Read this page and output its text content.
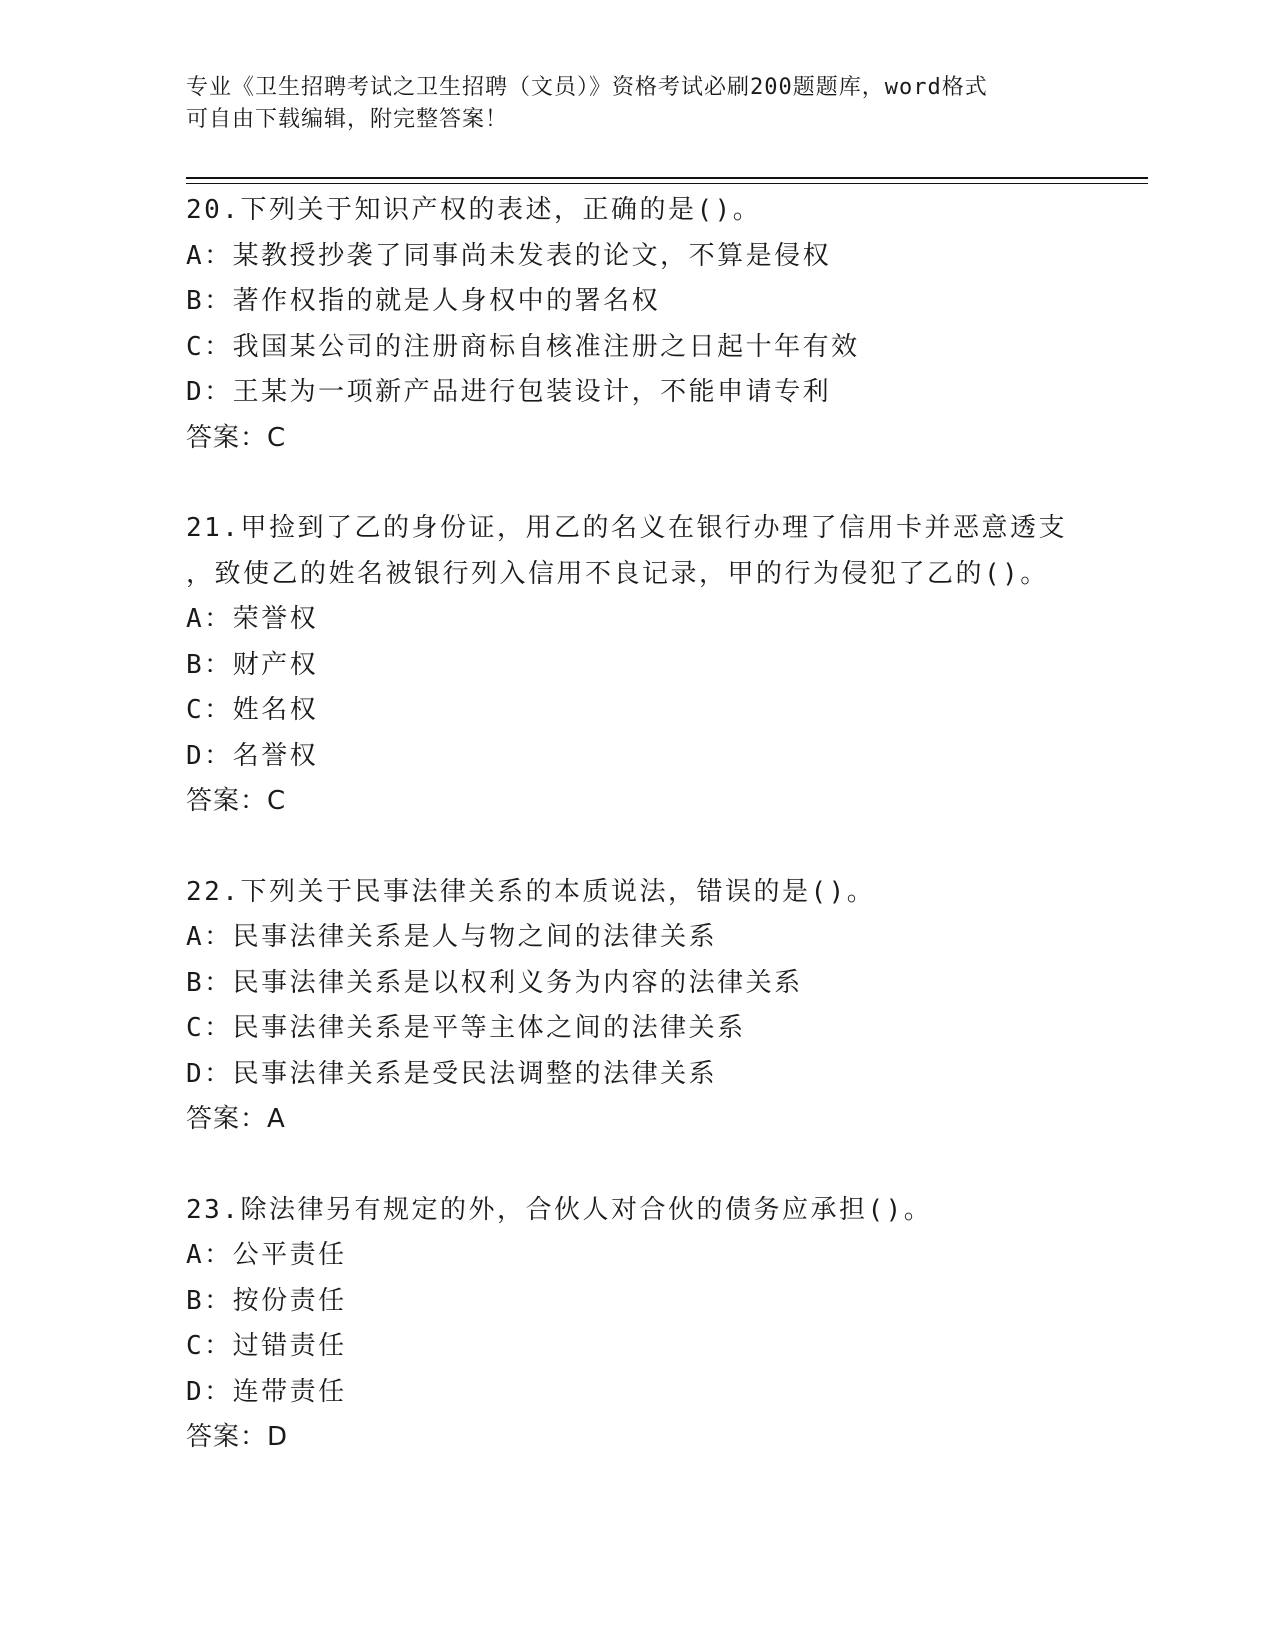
专业《卫生招聘考试之卫生招聘（文员）》资格考试必刷200题题库，word格式
可自由下载编辑，附完整答案！
20.下列关于知识产权的表述，正确的是()。
A：某教授抄袭了同事尚未发表的论文，不算是侵权
B：著作权指的就是人身权中的署名权
C：我国某公司的注册商标自核准注册之日起十年有效
D：王某为一项新产品进行包装设计，不能申请专利
答案：C
21.甲捡到了乙的身份证，用乙的名义在银行办理了信用卡并恶意透支
，致使乙的姓名被银行列入信用不良记录，甲的行为侵犯了乙的()。
A：荣誉权
B：财产权
C：姓名权
D：名誉权
答案：C
22.下列关于民事法律关系的本质说法，错误的是()。
A：民事法律关系是人与物之间的法律关系
B：民事法律关系是以权利义务为内容的法律关系
C：民事法律关系是平等主体之间的法律关系
D：民事法律关系是受民法调整的法律关系
答案：A
23.除法律另有规定的外，合伙人对合伙的债务应承担()。
A：公平责任
B：按份责任
C：过错责任
D：连带责任
答案：D
